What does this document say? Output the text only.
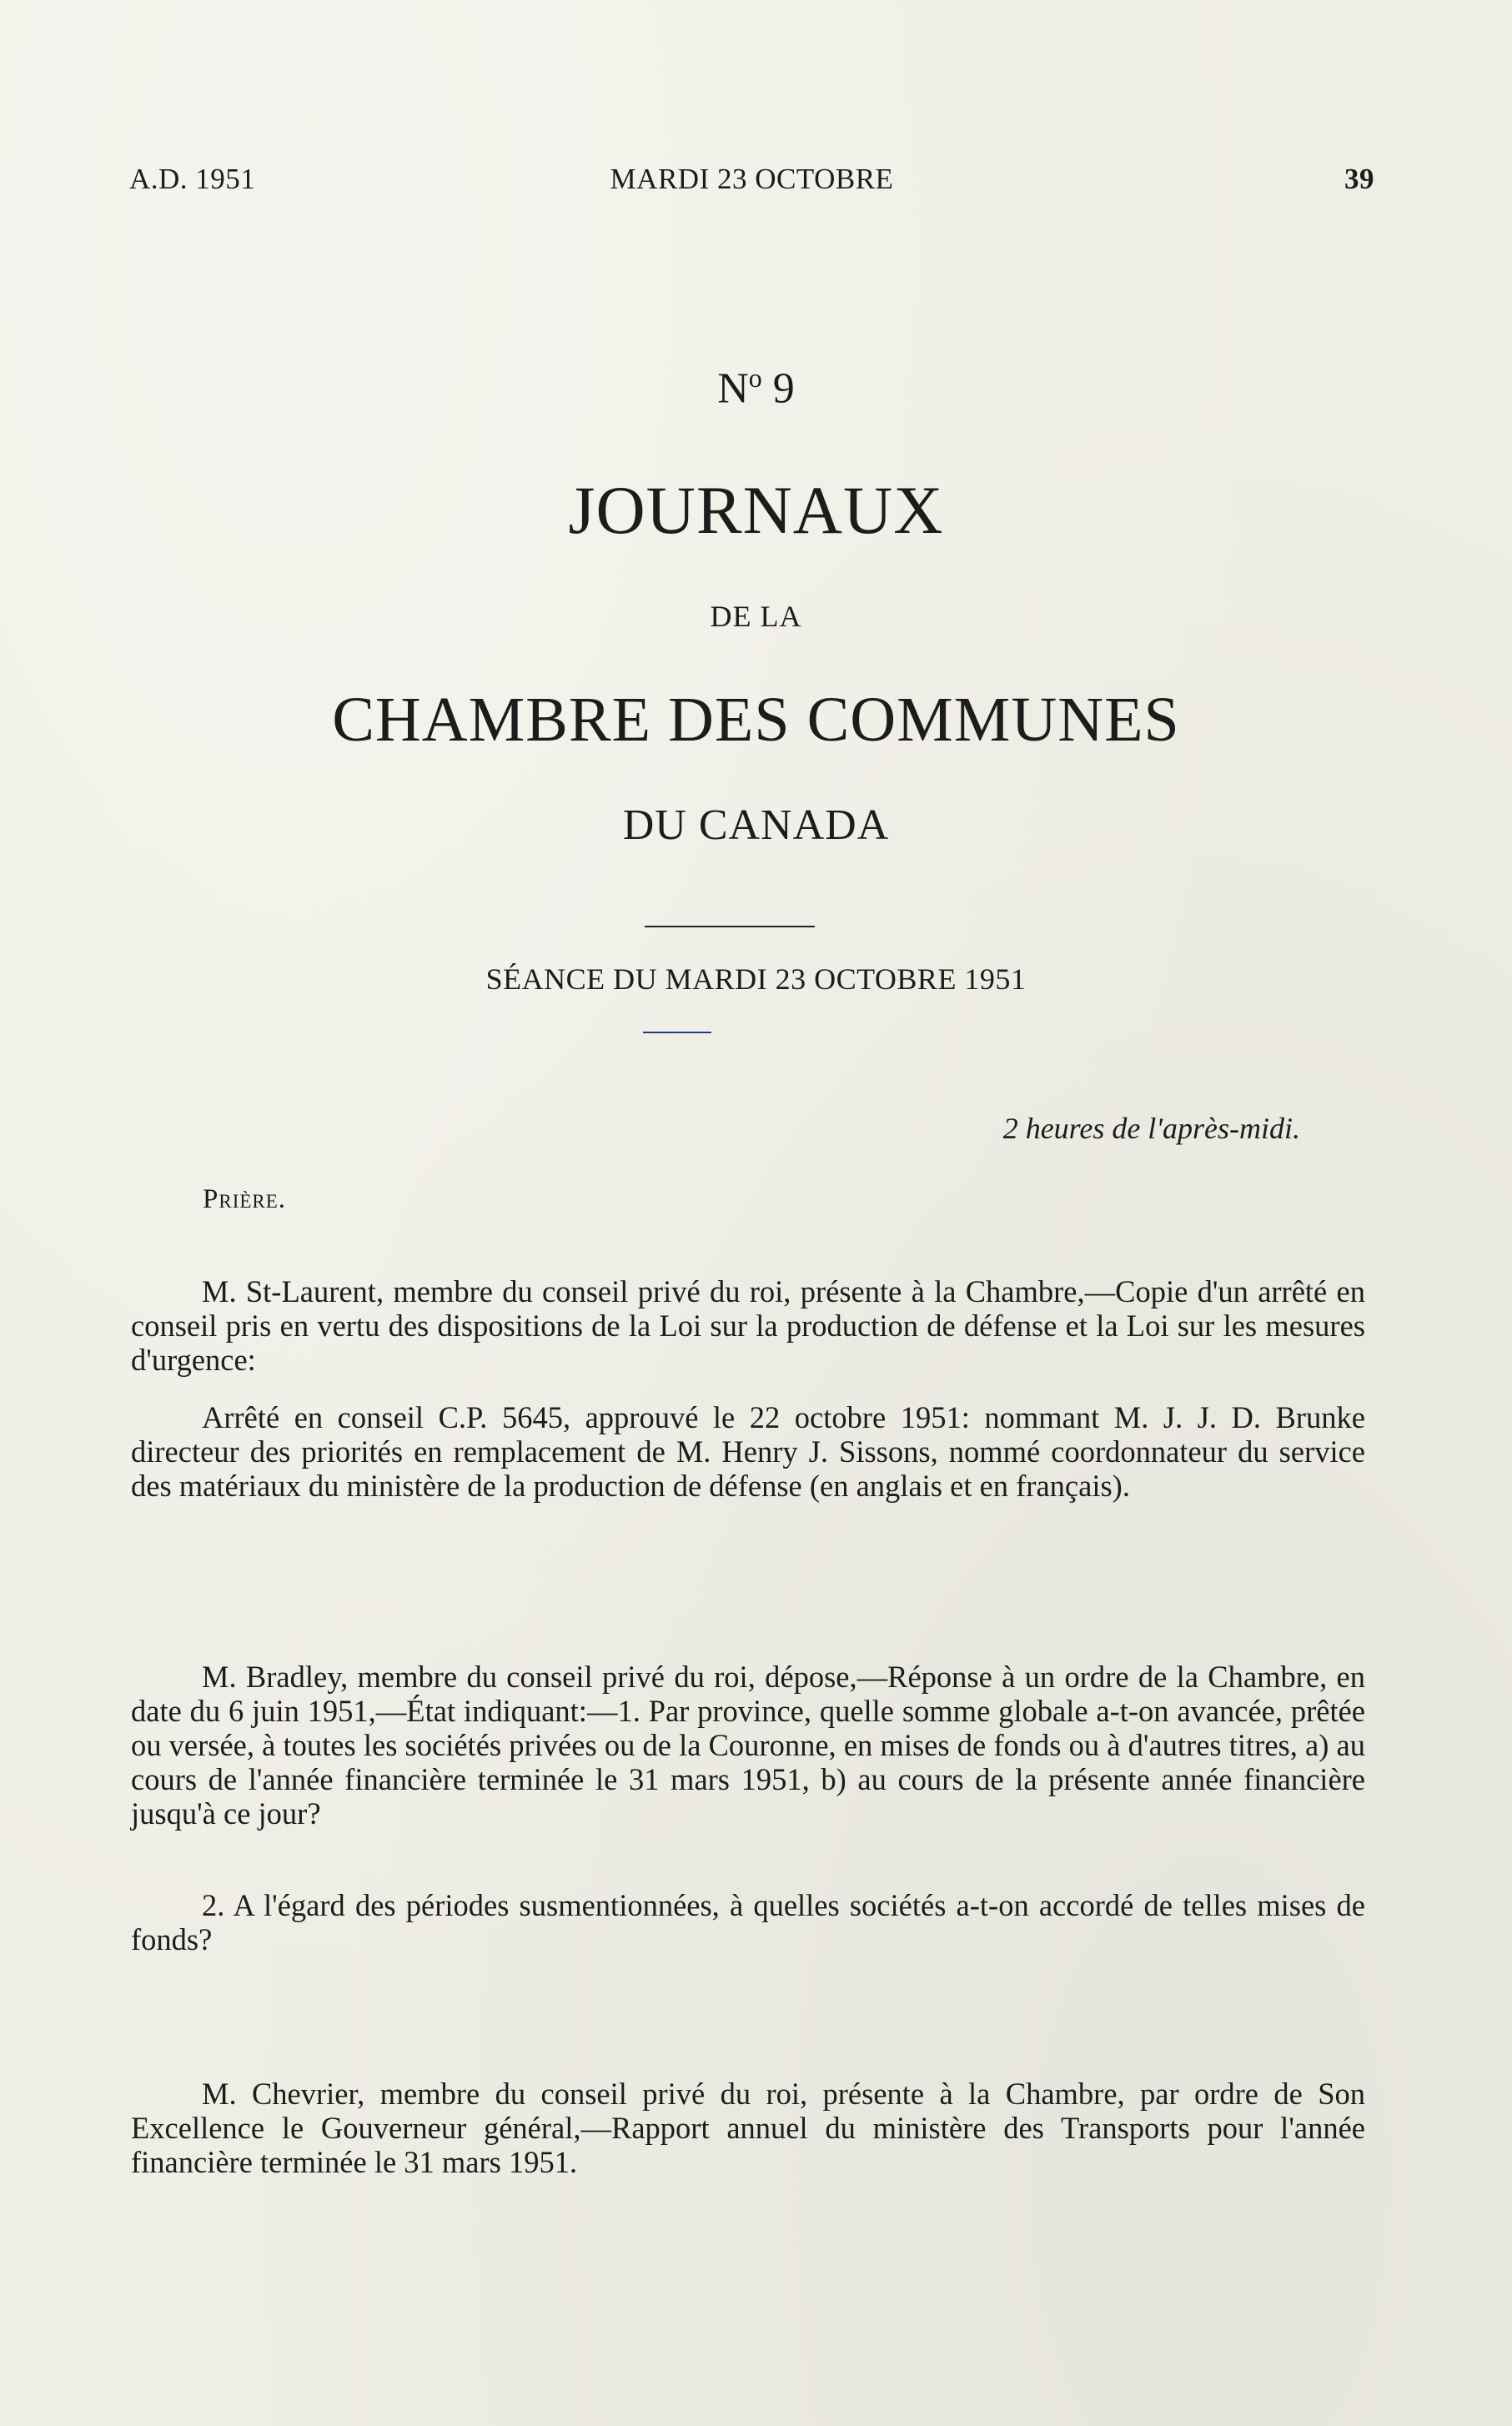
A.D. 1951	MARDI 23 OCTOBRE	39
$N^o$ 9
JOURNAUX
DE LA
CHAMBRE DES COMMUNES
DU CANADA
SÉANCE DU MARDI 23 OCTOBRE 1951
2 heures de l'après-midi.
Prière.

M. St-Laurent, membre du conseil privé du roi, présente à la Chambre,—Copie d'un arrêté en conseil pris en vertu des dispositions de la Loi sur la production de défense et la Loi sur les mesures d'urgence:

Arrêté en conseil C.P. 5645, approuvé le 22 octobre 1951: nommant M. J. J. D. Brunke directeur des priorités en remplacement de M. Henry J. Sissons, nommé coordonnateur du service des matériaux du ministère de la production de défense (en anglais et en français).

M. Bradley, membre du conseil privé du roi, dépose,—Réponse à un ordre de la Chambre, en date du 6 juin 1951,—État indiquant:—1. Par province, quelle somme globale a-t-on avancée, prêtée ou versée, à toutes les sociétés privées ou de la Couronne, en mises de fonds ou à d'autres titres, a) au cours de l'année financière terminée le 31 mars 1951, b) au cours de la présente année financière jusqu'à ce jour?

2. A l'égard des périodes susmentionnées, à quelles sociétés a-t-on accordé de telles mises de fonds?

M. Chevrier, membre du conseil privé du roi, présente à la Chambre, par ordre de Son Excellence le Gouverneur général,—Rapport annuel du ministère des Transports pour l'année financière terminée le 31 mars 1951.
